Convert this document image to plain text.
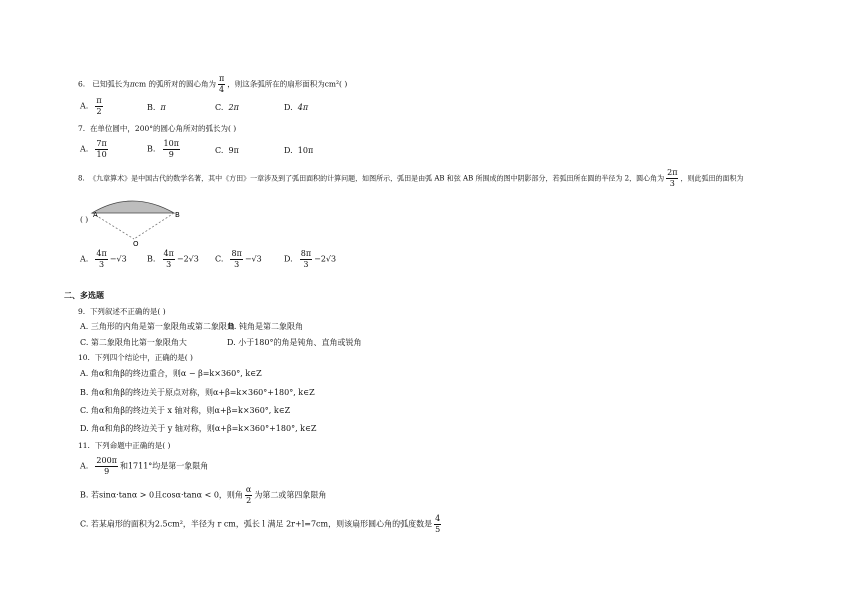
6. 已知弧长为πcm 的弧所对的圆心角为 $\frac{\pi}{4}$ ，则这条弧所在的扇形面积为cm²( )
A. $\frac{\pi}{2}$	B. π	C. 2π	D. 4π
7. 在单位圆中，200°的圆心角所对的弧长为( )
A. $\frac{7\pi}{10}$	B. $\frac{10\pi}{9}$	C. 9π	D. 10π
8. 《九章算术》是中国古代的数学名著，其中《方田》一章涉及到了弧田面积的计算问题，如图所示，弧田是由弧 AB 和弦 AB 所围成的图中阴影部分，若弧田所在圆的半径为 2，圆心角为 $\frac{2\pi}{3}$ ，则此弧田的面积为
A	B
O
( )
A. $\frac{4\pi}{3} -√3$	B. $\frac{4\pi}{3} -2√3$ C. $\frac{8\pi}{3} -√3$	D. $\frac{8\pi}{3} -2√3$
二、多选题
9. 下列叙述不正确的是( )
A. 三角形的内角是第一象限角或第二象限角
B. 钝角是第二象限角
C. 第二象限角比第一象限角大	D. 小于180°的角是钝角、直角或锐角
10. 下列四个结论中，正确的是( )
A. 角α和角β的终边重合，则α − β=k×360°, k∈Z
B. 角α和角β的终边关于原点对称，则α+β=k×360°+180°, k∈Z
C. 角α和角β的终边关于 x 轴对称，则α+β=k×360°, k∈Z
D. 角α和角β的终边关于 y 轴对称，则α+β=k×360°+180°, k∈Z
11. 下列命题中正确的是( )
A. $\frac{200\pi}{9}$ 和1711°均是第一象限角
B. 若sinα·tanα > 0且cosα·tanα < 0，则角 $\frac{\alpha}{2}$ 为第二或第四象限角
C. 若某扇形的面积为2.5cm²，半径为 r cm，弧长 l 满足 2r+l=7cm，则该扇形圆心角的弧度数是 $\frac{4}{5}$
